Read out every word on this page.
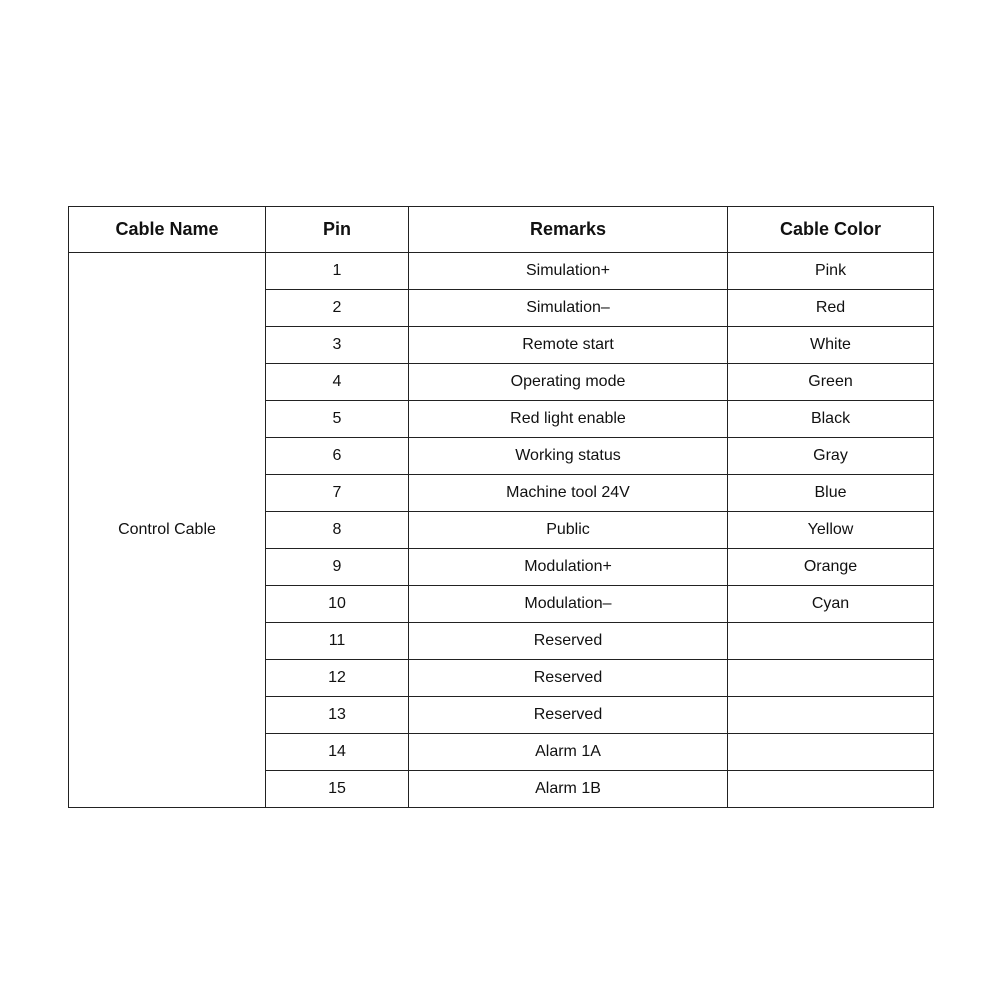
Cable Name	Pin	Remarks	Cable Color
Control Cable	1	Simulation+	Pink
	2	Simulation–	Red
	3	Remote start	White
	4	Operating mode	Green
	5	Red light enable	Black
	6	Working status	Gray
	7	Machine tool 24V	Blue
	8	Public	Yellow
	9	Modulation+	Orange
	10	Modulation–	Cyan
	11	Reserved	
	12	Reserved	
	13	Reserved	
	14	Alarm 1A	
	15	Alarm 1B	
